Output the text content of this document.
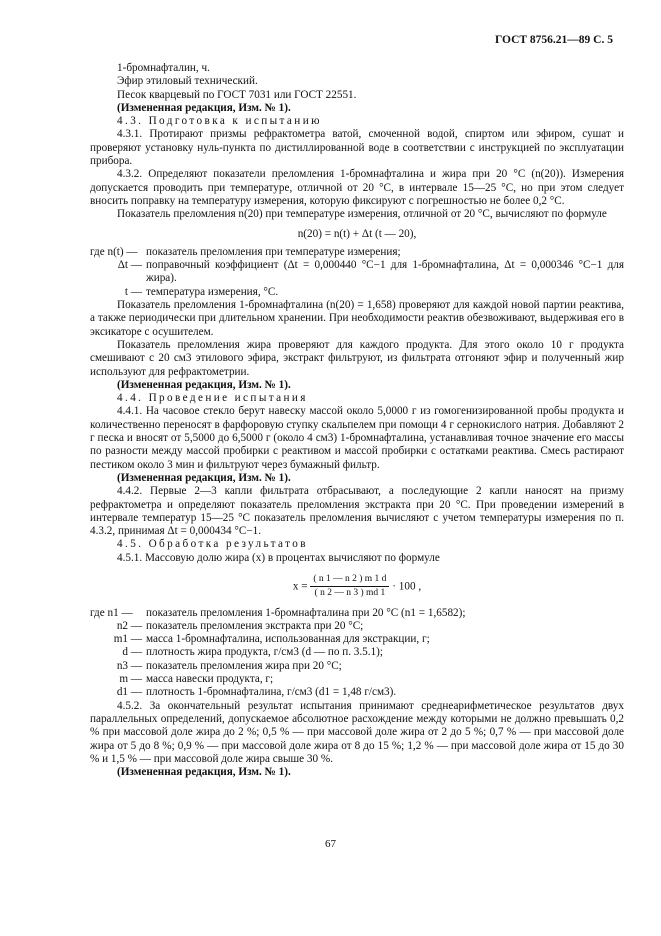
ГОСТ 8756.21—89 С. 5

1-бромнафталин, ч.

Эфир этиловый технический.

Песок кварцевый по ГОСТ 7031 или ГОСТ 22551.

(Измененная редакция, Изм. № 1).

4.3. Подготовка к испытанию

4.3.1. Протирают призмы рефрактометра ватой, смоченной водой, спиртом или эфиром, сушат и проверяют установку нуль-пункта по дистиллированной воде в соответствии с инструкцией по эксплуатации прибора.

4.3.2. Определяют показатели преломления 1-бромнафталина и жира при 20 °С (n(20)). Измерения допускается проводить при температуре, отличной от 20 °С, в интервале 15—25 °С, но при этом следует вносить поправку на температуру измерения, которую фиксируют с погрешностью не более 0,2 °С.

Показатель преломления n(20) при температуре измерения, отличной от 20 °С, вычисляют по формуле

n(20) = n(t) + Δt (t — 20),
где n(t) — показатель преломления при температуре измерения;
Δt — поправочный коэффициент (Δt = 0,000440 °С−1 для 1-бромнафталина, Δt = 0,000346 °С−1 для жира).
t — температура измерения, °С.

Показатель преломления 1-бромнафталина (n(20) = 1,658) проверяют для каждой новой партии реактива, а также периодически при длительном хранении. При необходимости реактив обезвоживают, выдерживая его в эксикаторе с осушителем.

Показатель преломления жира проверяют для каждого продукта. Для этого около 10 г продукта смешивают с 20 см3 этилового эфира, экстракт фильтруют, из фильтрата отгоняют эфир и полученный жир используют для рефрактометрии.

(Измененная редакция, Изм. № 1).

4.4. Проведение испытания

4.4.1. На часовое стекло берут навеску массой около 5,0000 г из гомогенизированной пробы продукта и количественно переносят в фарфоровую ступку скальпелем при помощи 4 г сернокислого натрия. Добавляют 2 г песка и вносят от 5,5000 до 6,5000 г (около 4 см3) 1-бромнафталина, устанавливая точное значение его массы по разности между массой пробирки с реактивом и массой пробирки с остатками реактива. Смесь растирают пестиком около 3 мин и фильтруют через бумажный фильтр.

(Измененная редакция, Изм. № 1).

4.4.2. Первые 2—3 капли фильтрата отбрасывают, а последующие 2 капли наносят на призму рефрактометра и определяют показатель преломления экстракта при 20 °С. При проведении измерений в интервале температур 15—25 °С показатель преломления вычисляют с учетом температуры измерения по п. 4.3.2, принимая Δt = 0,000434 °С−1.

4.5. Обработка результатов

4.5.1. Массовую долю жира (x) в процентах вычисляют по формуле

$x = \frac{( n 1 — n 2 ) m 1 d}{( n 2 — n 3 ) md 1} \cdot 100$ ,
где n1 —	показатель преломления 1-бромнафталина при 20 °С (n1 = 1,6582);
n2 — показатель преломления экстракта при 20 °С;
m1 — масса 1-бромнафталина, использованная для экстракции, г;
d — плотность жира продукта, г/см3 (d — по п. 3.5.1);
n3 — показатель преломления жира при 20 °С;
m — масса навески продукта, г;
d1 — плотность 1-бромнафталина, г/см3 (d1 = 1,48 г/см3).

4.5.2. За окончательный результат испытания принимают среднеарифметическое результатов двух параллельных определений, допускаемое абсолютное расхождение между которыми не должно превышать 0,2 % при массовой доле жира до 2 %; 0,5 % — при массовой доле жира от 2 до 5 %; 0,7 % — при массовой доле жира от 5 до 8 %; 0,9 % — при массовой доле жира от 8 до 15 %; 1,2 % — при массовой доле жира от 15 до 30 % и 1,5 % — при массовой доле жира свыше 30 %.

(Измененная редакция, Изм. № 1).

67
